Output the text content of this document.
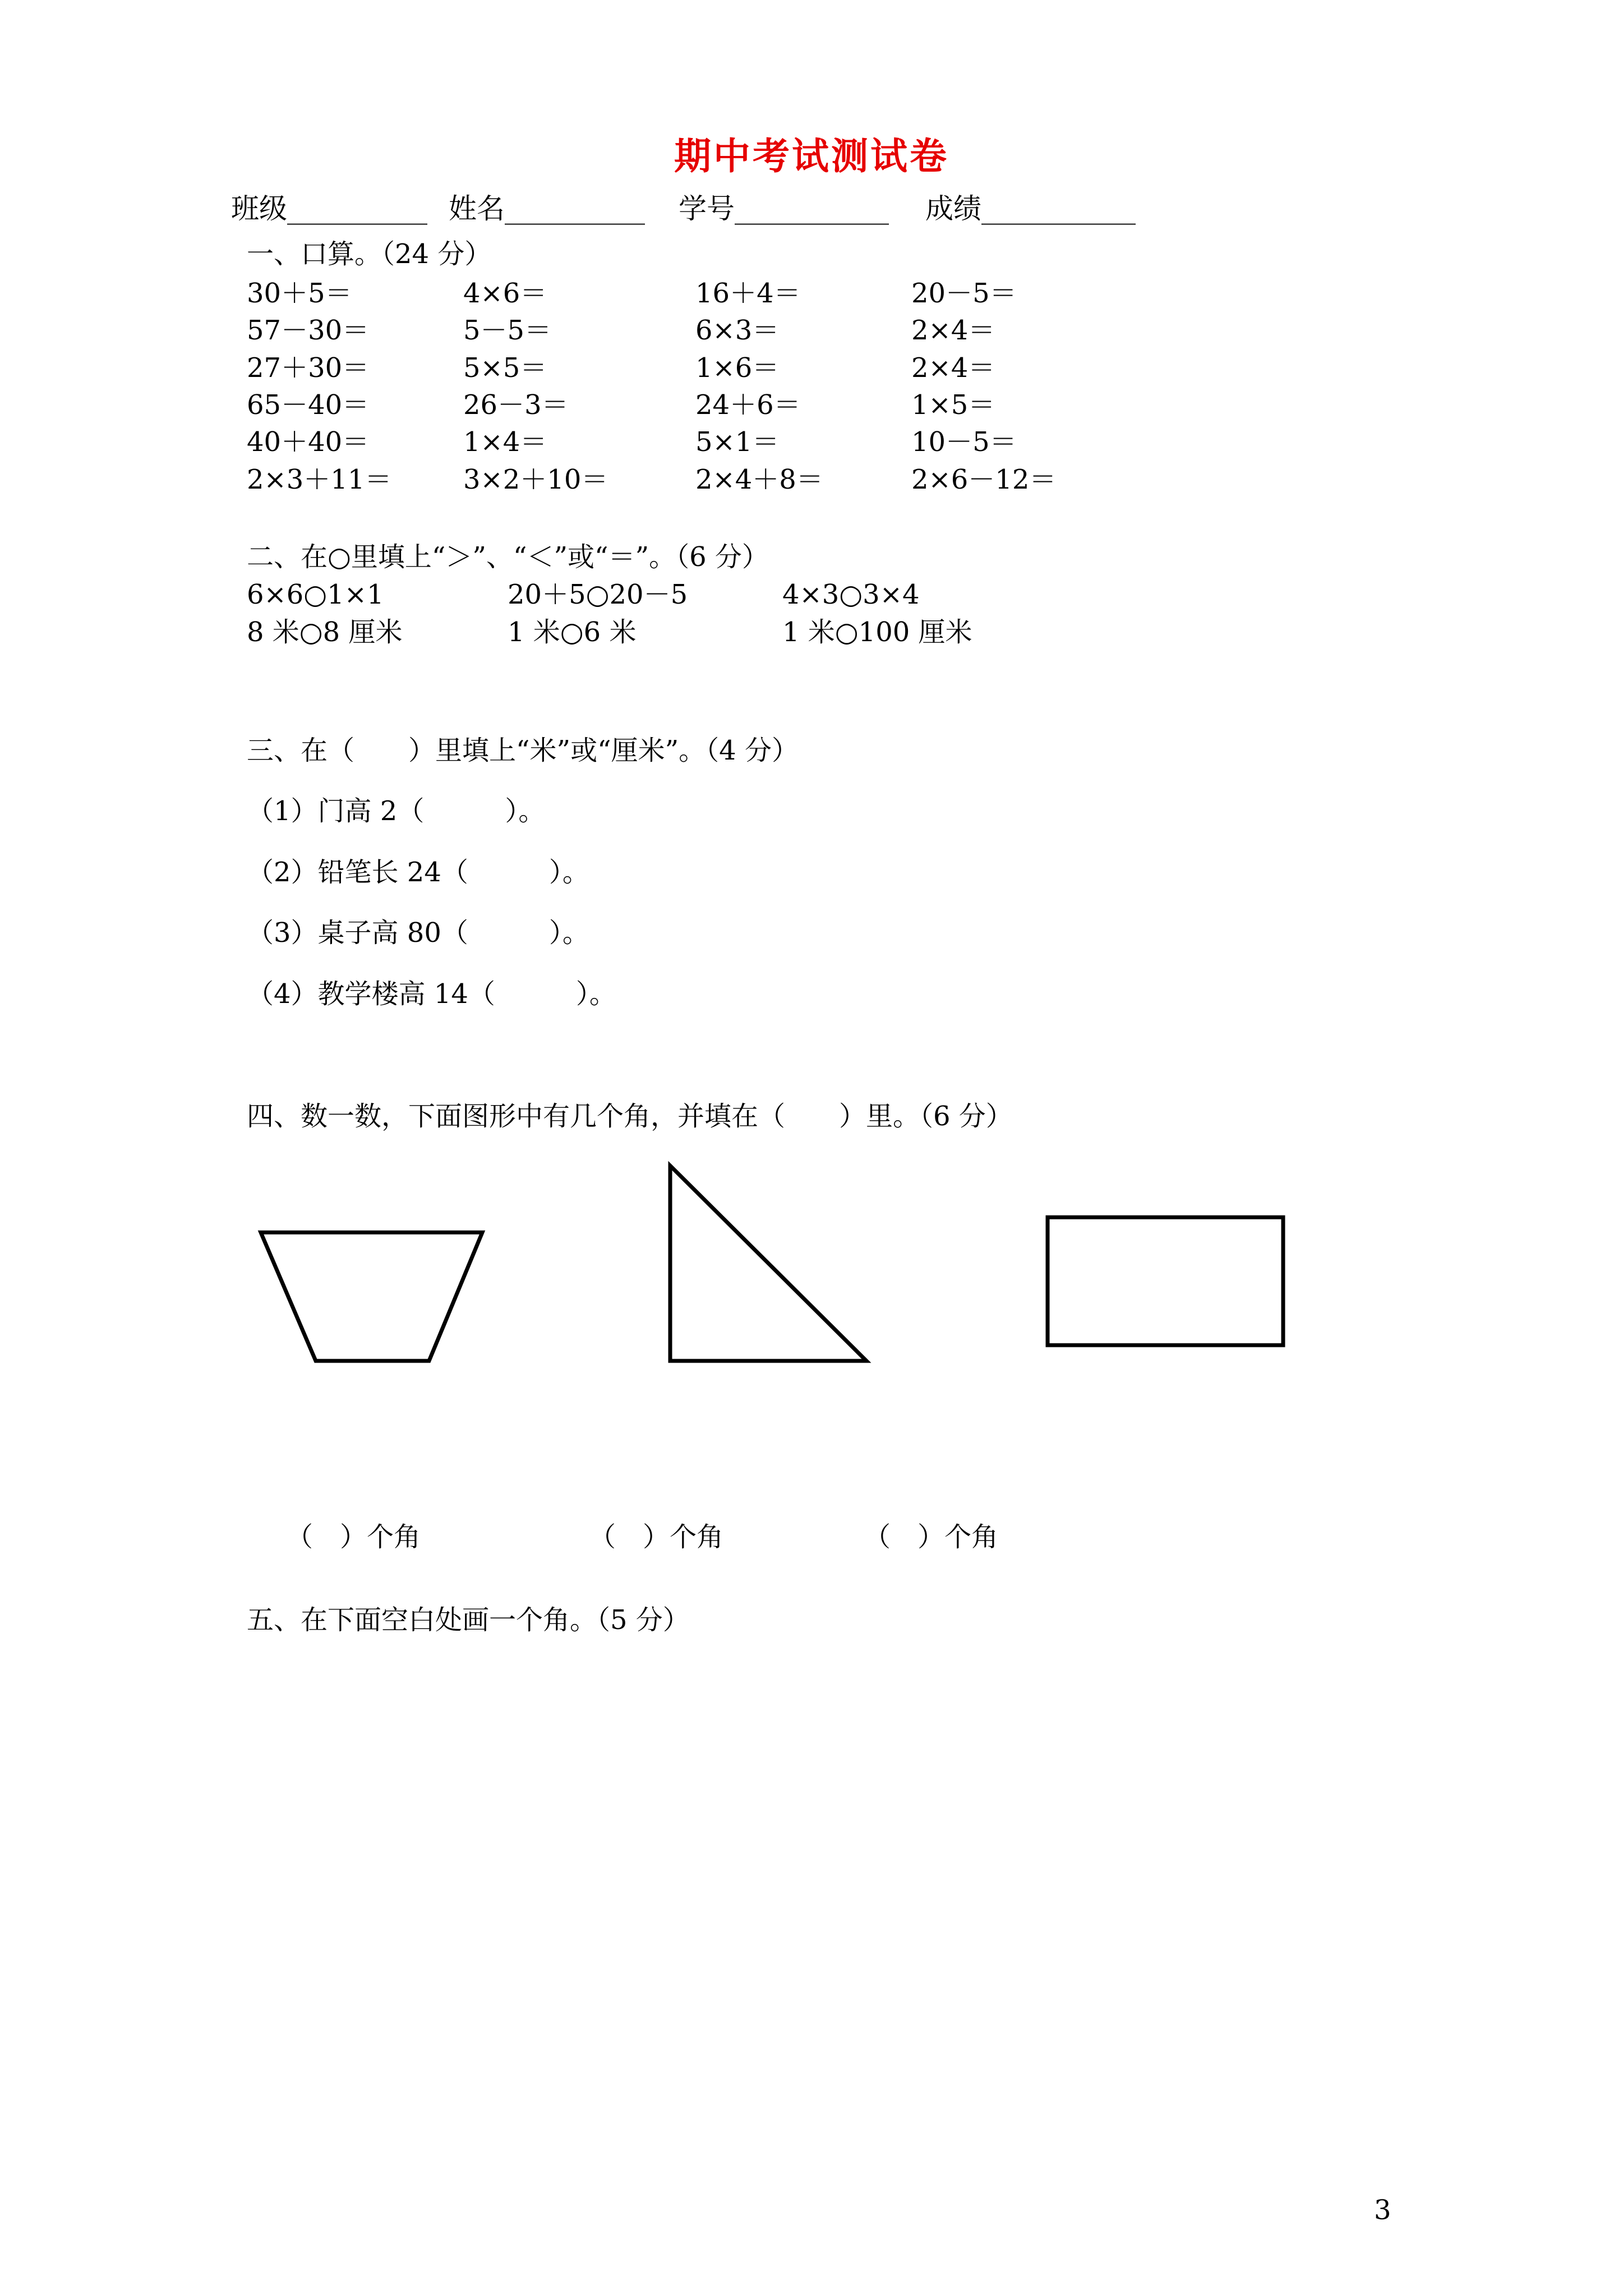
期中考试测试卷
班级__________ 姓名__________ 学号___________ 成绩___________
一、口算。（24 分）
30＋5＝	4×6＝	16＋4＝	20－5＝
57－30＝	5－5＝	6×3＝	2×4＝
27＋30＝	5×5＝	1×6＝	2×4＝
65－40＝	26－3＝	24＋6＝	1×5＝
40＋40＝	1×4＝	5×1＝	10－5＝
2×3＋11＝	3×2＋10＝	2×4＋8＝	2×6－12＝
二、在○里填上“＞”、“＜”或“＝”。（6 分）
6×6○1×1	20＋5○20－5	4×3○3×4
8 米○8 厘米	1 米○6 米	1 米○100 厘米
三、在（　　）里填上“米”或“厘米”。（4 分）
（1）门高 2（　　　）。
（2）铅笔长 24（　　　）。
（3）桌子高 80（　　　）。
（4）教学楼高 14（　　　）。
四、数一数，下面图形中有几个角，并填在（　　）里。（6 分）
（　）个角	（　）个角	（　）个角
五、在下面空白处画一个角。（5 分）
3
